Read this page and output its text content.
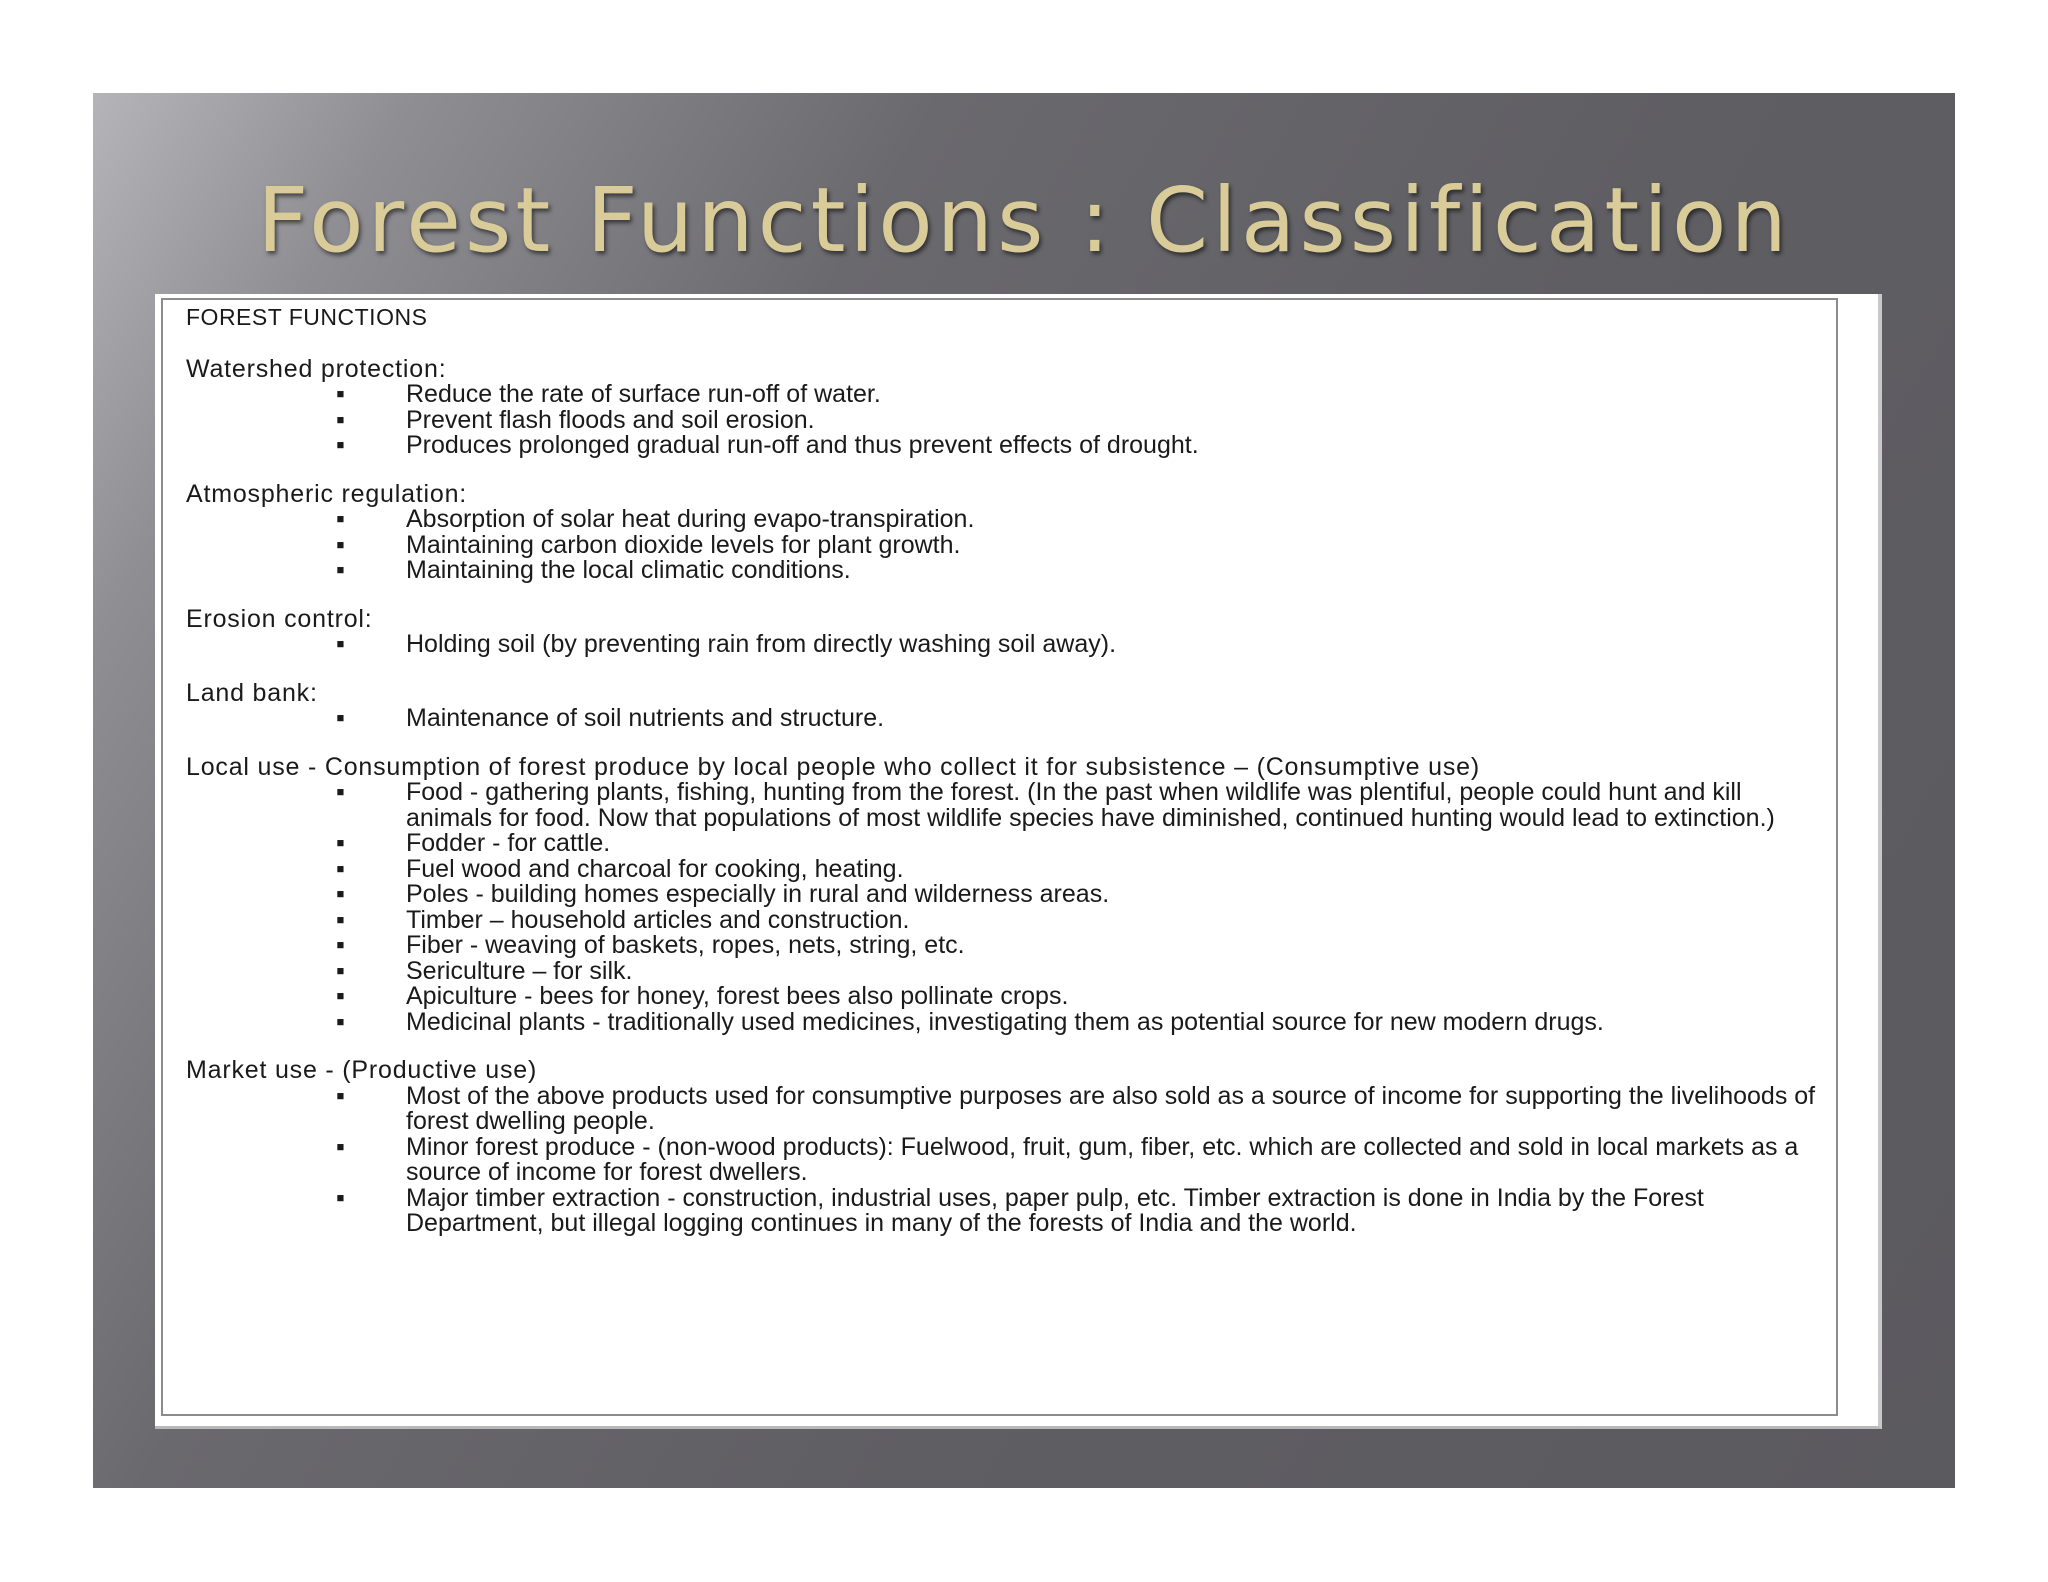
Forest Functions : Classification
FOREST FUNCTIONS
Watershed protection:
▪ Reduce the rate of surface run-off of water.
▪ Prevent flash floods and soil erosion.
▪ Produces prolonged gradual run-off and thus prevent effects of drought.
Atmospheric regulation:
▪ Absorption of solar heat during evapo-transpiration.
▪ Maintaining carbon dioxide levels for plant growth.
▪ Maintaining the local climatic conditions.
Erosion control:
▪ Holding soil (by preventing rain from directly washing soil away).
Land bank:
▪ Maintenance of soil nutrients and structure.
Local use - Consumption of forest produce by local people who collect it for subsistence – (Consumptive use)
▪ Food - gathering plants, fishing, hunting from the forest. (In the past when wildlife was plentiful, people could hunt and kill animals for food. Now that populations of most wildlife species have diminished, continued hunting would lead to extinction.)
▪ Fodder - for cattle.
▪ Fuel wood and charcoal for cooking, heating.
▪ Poles - building homes especially in rural and wilderness areas.
▪ Timber – household articles and construction.
▪ Fiber - weaving of baskets, ropes, nets, string, etc.
▪ Sericulture – for silk.
▪ Apiculture - bees for honey, forest bees also pollinate crops.
▪ Medicinal plants - traditionally used medicines, investigating them as potential source for new modern drugs.
Market use - (Productive use)
▪ Most of the above products used for consumptive purposes are also sold as a source of income for supporting the livelihoods of forest dwelling people.
▪ Minor forest produce - (non-wood products): Fuelwood, fruit, gum, fiber, etc. which are collected and sold in local markets as a source of income for forest dwellers.
▪ Major timber extraction - construction, industrial uses, paper pulp, etc. Timber extraction is done in India by the Forest Department, but illegal logging continues in many of the forests of India and the world.
